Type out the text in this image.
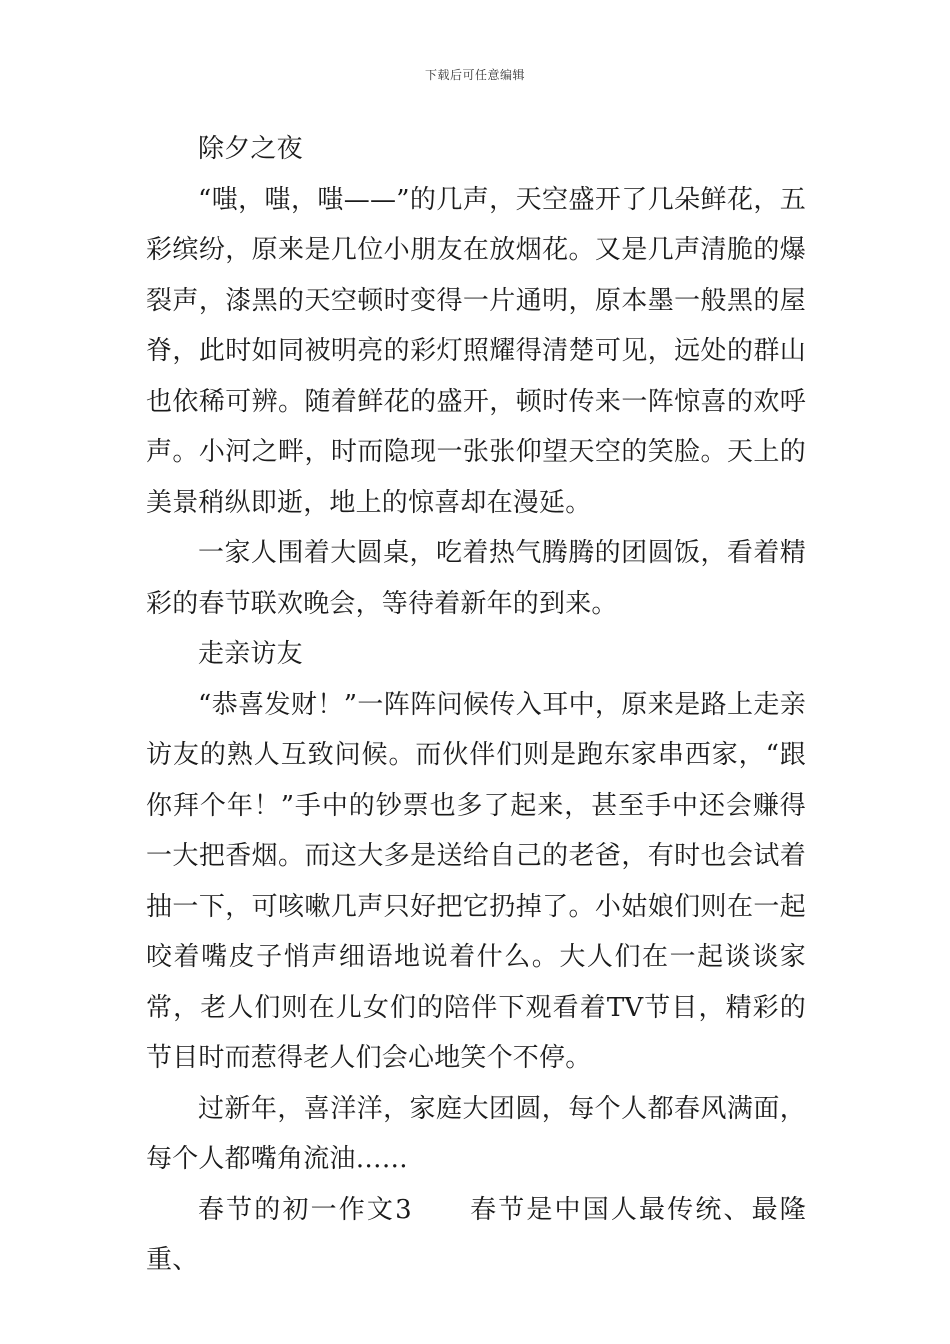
下载后可任意编辑

除夕之夜

“嗤，嗤，嗤——”的几声，天空盛开了几朵鲜花，五彩缤纷，原来是几位小朋友在放烟花。又是几声清脆的爆裂声，漆黑的天空顿时变得一片通明，原本墨一般黑的屋脊，此时如同被明亮的彩灯照耀得清楚可见，远处的群山也依稀可辨。随着鲜花的盛开，顿时传来一阵惊喜的欢呼声。小河之畔，时而隐现一张张仰望天空的笑脸。天上的美景稍纵即逝，地上的惊喜却在漫延。

一家人围着大圆桌，吃着热气腾腾的团圆饭，看着精彩的春节联欢晚会，等待着新年的到来。

走亲访友

“恭喜发财！”一阵阵问候传入耳中，原来是路上走亲访友的熟人互致问候。而伙伴们则是跑东家串西家，“跟你拜个年！”手中的钞票也多了起来，甚至手中还会赚得一大把香烟。而这大多是送给自己的老爸，有时也会试着抽一下，可咳嗽几声只好把它扔掉了。小姑娘们则在一起咬着嘴皮子悄声细语地说着什么。大人们在一起谈谈家常，老人们则在儿女们的陪伴下观看着TV节目，精彩的节目时而惹得老人们会心地笑个不停。

过新年，喜洋洋，家庭大团圆，每个人都春风满面，每个人都嘴角流油……

春节的初一作文3　　春节是中国人最传统、最隆重、
